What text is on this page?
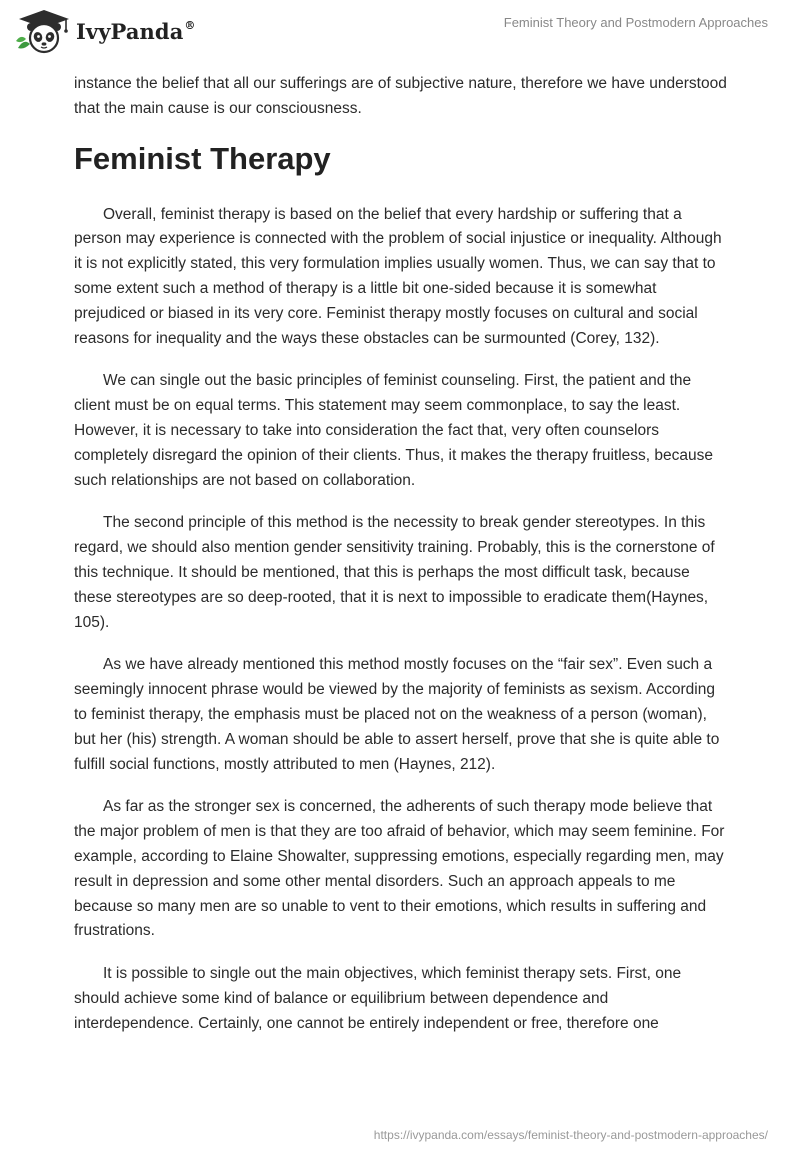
IvyPanda®	Feminist Theory and Postmodern Approaches

instance the belief that all our sufferings are of subjective nature, therefore we have understood that the main cause is our consciousness.

Feminist Therapy

Overall, feminist therapy is based on the belief that every hardship or suffering that a person may experience is connected with the problem of social injustice or inequality. Although it is not explicitly stated, this very formulation implies usually women. Thus, we can say that to some extent such a method of therapy is a little bit one-sided because it is somewhat prejudiced or biased in its very core. Feminist therapy mostly focuses on cultural and social reasons for inequality and the ways these obstacles can be surmounted (Corey, 132).

We can single out the basic principles of feminist counseling. First, the patient and the client must be on equal terms. This statement may seem commonplace, to say the least. However, it is necessary to take into consideration the fact that, very often counselors completely disregard the opinion of their clients. Thus, it makes the therapy fruitless, because such relationships are not based on collaboration.

The second principle of this method is the necessity to break gender stereotypes. In this regard, we should also mention gender sensitivity training. Probably, this is the cornerstone of this technique. It should be mentioned, that this is perhaps the most difficult task, because these stereotypes are so deep-rooted, that it is next to impossible to eradicate them(Haynes, 105).

As we have already mentioned this method mostly focuses on the “fair sex”. Even such a seemingly innocent phrase would be viewed by the majority of feminists as sexism. According to feminist therapy, the emphasis must be placed not on the weakness of a person (woman), but her (his) strength. A woman should be able to assert herself, prove that she is quite able to fulfill social functions, mostly attributed to men (Haynes, 212).

As far as the stronger sex is concerned, the adherents of such therapy mode believe that the major problem of men is that they are too afraid of behavior, which may seem feminine. For example, according to Elaine Showalter, suppressing emotions, especially regarding men, may result in depression and some other mental disorders. Such an approach appeals to me because so many men are so unable to vent to their emotions, which results in suffering and frustrations.

It is possible to single out the main objectives, which feminist therapy sets. First, one should achieve some kind of balance or equilibrium between dependence and interdependence. Certainly, one cannot be entirely independent or free, therefore one

https://ivypanda.com/essays/feminist-theory-and-postmodern-approaches/
